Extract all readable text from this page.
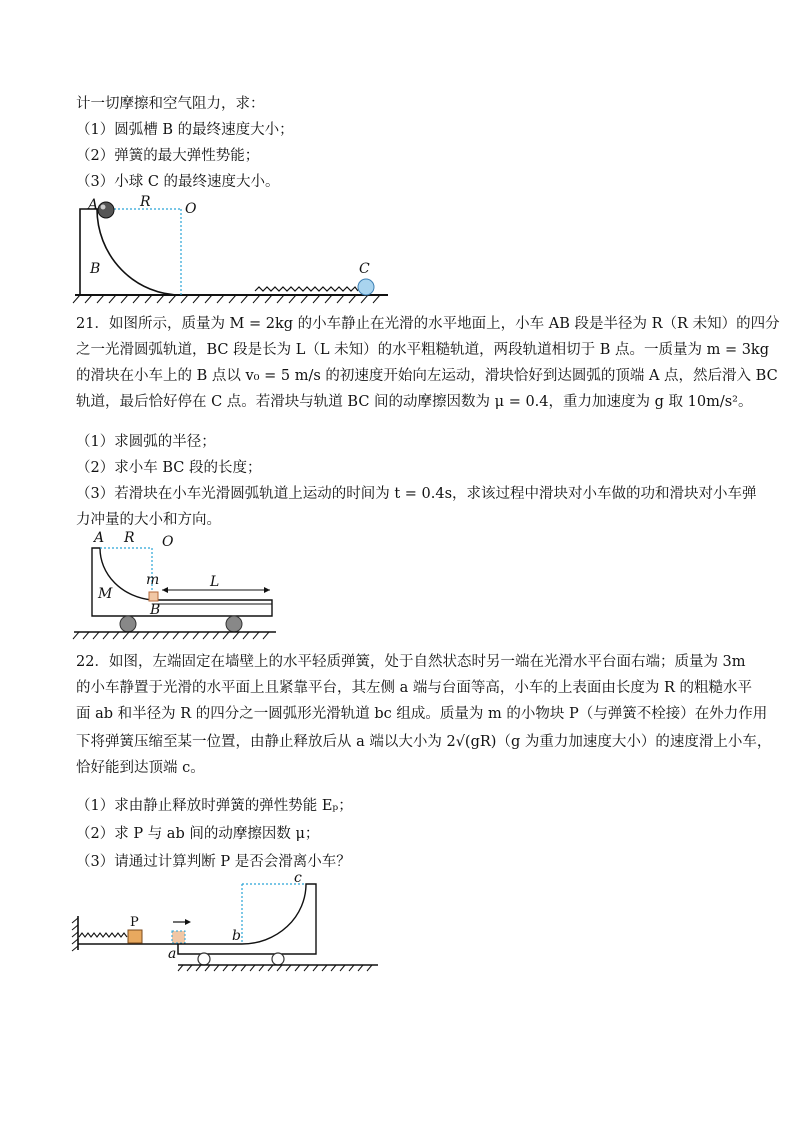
计一切摩擦和空气阻力，求：
（1）圆弧槽 B 的最终速度大小；
（2）弹簧的最大弹性势能；
（3）小球 C 的最终速度大小。
A	R O
B	C
21．如图所示，质量为 M = 2kg 的小车静止在光滑的水平地面上，小车 AB 段是半径为 R（R 未知）的四分
之一光滑圆弧轨道，BC 段是长为 L（L 未知）的水平粗糙轨道，两段轨道相切于 B 点。一质量为 m = 3kg
的滑块在小车上的 B 点以 v₀ = 5 m/s 的初速度开始向左运动，滑块恰好到达圆弧的顶端 A 点，然后滑入 BC
轨道，最后恰好停在 C 点。若滑块与轨道 BC 间的动摩擦因数为 μ = 0.4，重力加速度为 g 取 10m/s²。
（1）求圆弧的半径；
（2）求小车 BC 段的长度；
（3）若滑块在小车光滑圆弧轨道上运动的时间为 t = 0.4s，求该过程中滑块对小车做的功和滑块对小车弹
力冲量的大小和方向。
A R O
m
M
B
L
22．如图，左端固定在墙壁上的水平轻质弹簧，处于自然状态时另一端在光滑水平台面右端；质量为 3m
的小车静置于光滑的水平面上且紧靠平台，其左侧 a 端与台面等高，小车的上表面由长度为 R 的粗糙水平
面 ab 和半径为 R 的四分之一圆弧形光滑轨道 bc 组成。质量为 m 的小物块 P（与弹簧不栓接）在外力作用
下将弹簧压缩至某一位置，由静止释放后从 a 端以大小为 2√(gR)（g 为重力加速度大小）的速度滑上小车，
恰好能到达顶端 c。
（1）求由静止释放时弹簧的弹性势能 Eₚ；
（2）求 P 与 ab 间的动摩擦因数 μ；
（3）请通过计算判断 P 是否会滑离小车？
P
a
b
c
